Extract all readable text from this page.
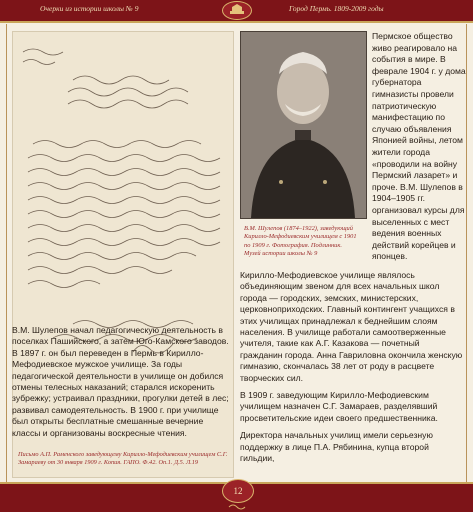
Очерки из истории школы № 9	Город Пермь. 1809-2009 годы
Письмо А.П. Раменского заведующему Кирилло-Мефодиевским училищем С.Г. Замараеву от 30 января 1909 г. Копия. ГАПО. Ф.42. Оп.1. Д.5. Л.19
В.М. Шулепов (1874–1922), заведующий Кирилло-Мефодиевским училищем с 1901 по 1909 г. Фотография. Подлинник. Музей истории школы № 9

Пермское общество живо реагировало на события в мире. В феврале 1904 г. у дома губернатора гимназисты провели патриотическую манифестацию по случаю объявления Японией войны, летом жители города «проводили на войну Пермский лазарет» и проче. В.М. Шулепов в 1904–1905 гг. организовал курсы для выселенных с мест ведения военных действий корейцев и японцев.

Кирилло-Мефодиевское училище являлось объединяющим звеном для всех начальных школ города — городских, земских, министерских, церковноприходских. Главный контингент учащихся в этих училищах принадлежал к беднейшим слоям населения. В училище работали самоотверженные учителя, такие как А.Г. Казакова — почетный гражданин города. Анна Гавриловна окончила женскую гимназию, скончалась 38 лет от роду в расцвете творческих сил.

В 1909 г. заведующим Кирилло-Мефодиевским училищем назначен С.Г. Замараев, разделявший просветительские идеи своего предшественника.

Директора начальных училищ имели серьезную поддержку в лице П.А. Рябинина, купца второй гильдии,

В.М. Шулепов начал педагогическую деятельность в поселках Пашийского, а затем Юго-Камского заводов. В 1897 г. он был переведен в Пермь в Кирилло-Мефодиевское мужское училище. За годы педагогической деятельности в училище он добился отмены телесных наказаний; старался искоренить зубрежку; устраивал праздники, прогулки детей в лес; развивал самодеятельность. В 1900 г. при училище был открыты бесплатные смешанные вечерние классы и организованы воскресные чтения.

12
